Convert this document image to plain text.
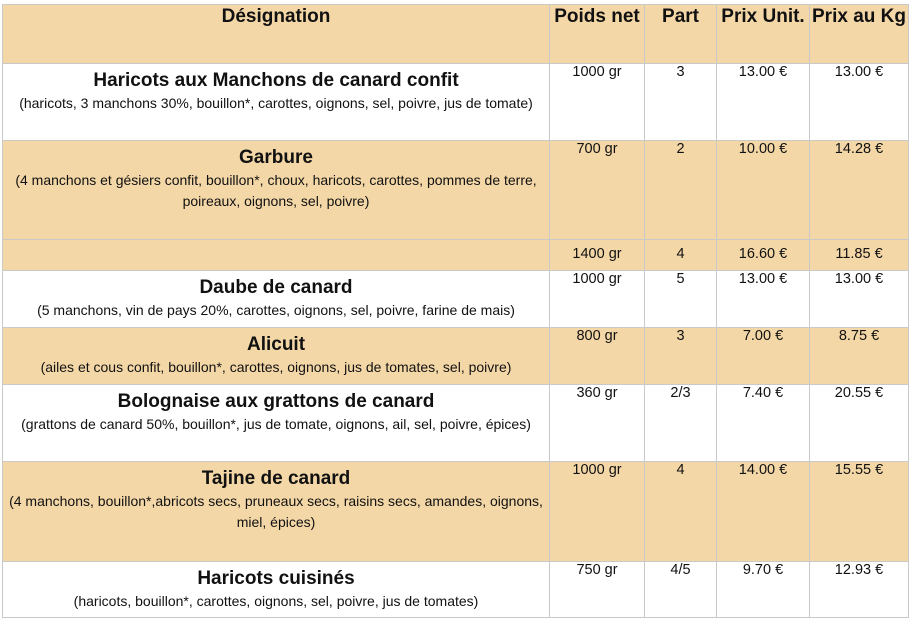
Désignation	Poids net	Part	Prix Unit.	Prix au Kg

Haricots aux Manchons de canard confit
(haricots, 3 manchons 30%, bouillon*, carottes, oignons, sel, poivre, jus de tomate)	1000 gr	3	13.00 €	13.00 €

Garbure
(4 manchons et gésiers confit, bouillon*, choux, haricots, carottes, pommes de terre, poireaux, oignons, sel, poivre)	700 gr	2	10.00 €	14.28 €

	1400 gr	4	16.60 €	11.85 €

Daube de canard
(5 manchons, vin de pays 20%, carottes, oignons, sel, poivre, farine de mais)	1000 gr	5	13.00 €	13.00 €

Alicuit
(ailes et cous confit, bouillon*, carottes, oignons, jus de tomates, sel, poivre)	800 gr	3	7.00 €	8.75 €

Bolognaise aux grattons de canard
(grattons de canard 50%, bouillon*, jus de tomate, oignons, ail, sel, poivre, épices)	360 gr	2/3	7.40 €	20.55 €

Tajine de canard
(4 manchons, bouillon*,abricots secs, pruneaux secs, raisins secs, amandes, oignons, miel, épices)	1000 gr	4	14.00 €	15.55 €

Haricots cuisinés
(haricots, bouillon*, carottes, oignons, sel, poivre, jus de tomates)	750 gr	4/5	9.70 €	12.93 €
